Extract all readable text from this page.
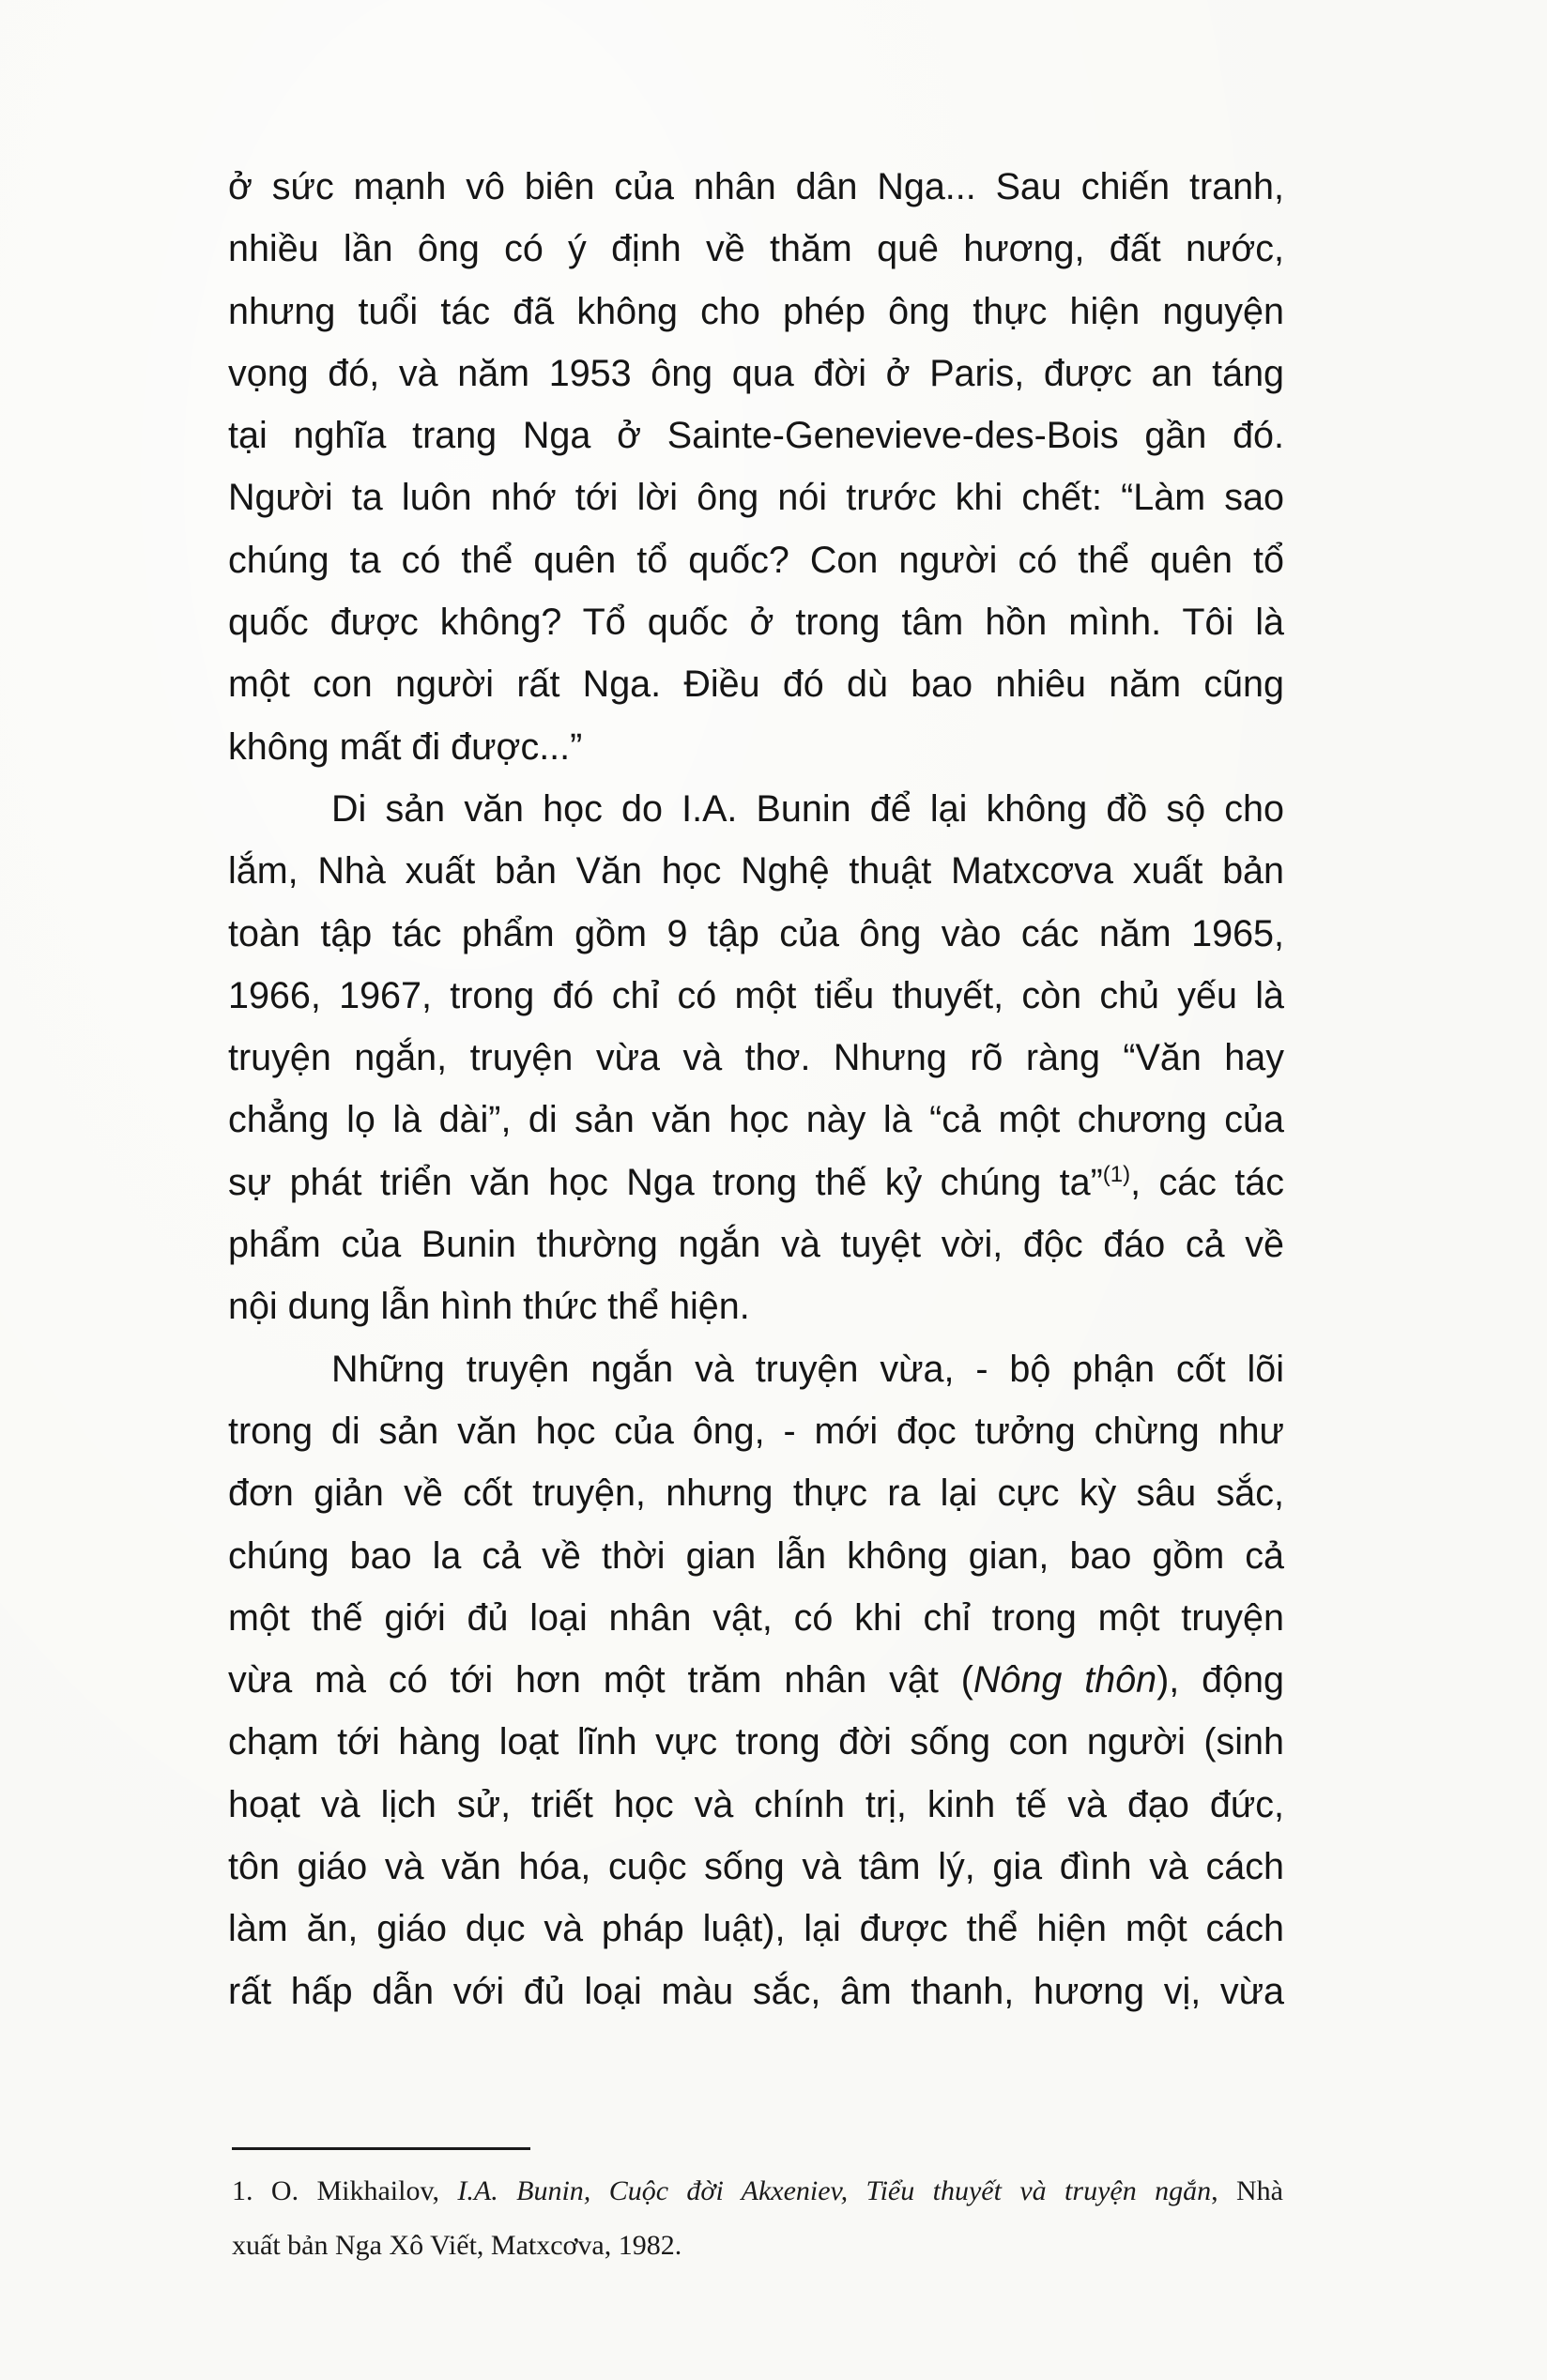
ở sức mạnh vô biên của nhân dân Nga... Sau chiến tranh,
nhiều lần ông có ý định về thăm quê hương, đất nước,
nhưng tuổi tác đã không cho phép ông thực hiện nguyện
vọng đó, và năm 1953 ông qua đời ở Paris, được an táng
tại nghĩa trang Nga ở Sainte-Genevieve-des-Bois gần đó.
Người ta luôn nhớ tới lời ông nói trước khi chết: “Làm sao
chúng ta có thể quên tổ quốc? Con người có thể quên tổ
quốc được không? Tổ quốc ở trong tâm hồn mình. Tôi là
một con người rất Nga. Điều đó dù bao nhiêu năm cũng
không mất đi được...”

Di sản văn học do I.A. Bunin để lại không đồ sộ cho
lắm, Nhà xuất bản Văn học Nghệ thuật Matxcơva xuất bản
toàn tập tác phẩm gồm 9 tập của ông vào các năm 1965,
1966, 1967, trong đó chỉ có một tiểu thuyết, còn chủ yếu là
truyện ngắn, truyện vừa và thơ. Nhưng rõ ràng “Văn hay
chẳng lọ là dài”, di sản văn học này là “cả một chương của
sự phát triển văn học Nga trong thế kỷ chúng ta”$^{(1)}$, các tác
phẩm của Bunin thường ngắn và tuyệt vời, độc đáo cả về
nội dung lẫn hình thức thể hiện.

Những truyện ngắn và truyện vừa, - bộ phận cốt lõi
trong di sản văn học của ông, - mới đọc tưởng chừng như
đơn giản về cốt truyện, nhưng thực ra lại cực kỳ sâu sắc,
chúng bao la cả về thời gian lẫn không gian, bao gồm cả
một thế giới đủ loại nhân vật, có khi chỉ trong một truyện
vừa mà có tới hơn một trăm nhân vật (Nông thôn), động
chạm tới hàng loạt lĩnh vực trong đời sống con người (sinh
hoạt và lịch sử, triết học và chính trị, kinh tế và đạo đức,
tôn giáo và văn hóa, cuộc sống và tâm lý, gia đình và cách
làm ăn, giáo dục và pháp luật), lại được thể hiện một cách
rất hấp dẫn với đủ loại màu sắc, âm thanh, hương vị, vừa

1. O. Mikhailov, I.A. Bunin, Cuộc đời Akxeniev, Tiểu thuyết và truyện ngắn, Nhà
xuất bản Nga Xô Viết, Matxcơva, 1982.
